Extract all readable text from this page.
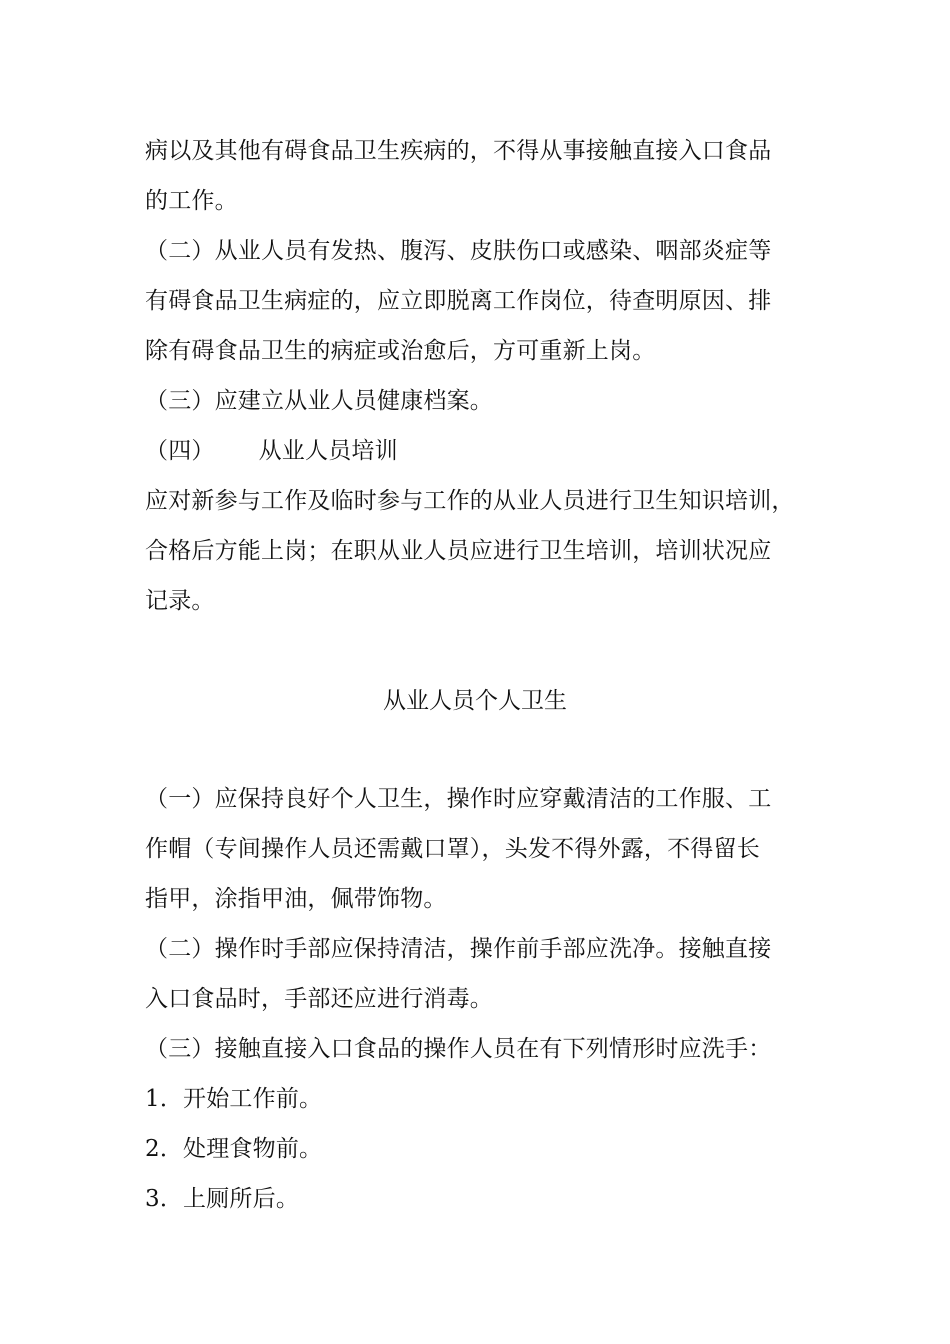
病以及其他有碍食品卫生疾病的，不得从事接触直接入口食品
的工作。
（二）从业人员有发热、腹泻、皮肤伤口或感染、咽部炎症等
有碍食品卫生病症的，应立即脱离工作岗位，待查明原因、排
除有碍食品卫生的病症或治愈后，方可重新上岗。
（三）应建立从业人员健康档案。
（四） 从业人员培训
应对新参与工作及临时参与工作的从业人员进行卫生知识培训，
合格后方能上岗；在职从业人员应进行卫生培训，培训状况应
记录。
从业人员个人卫生
（一）应保持良好个人卫生，操作时应穿戴清洁的工作服、工
作帽（专间操作人员还需戴口罩），头发不得外露，不得留长
指甲，涂指甲油，佩带饰物。
（二）操作时手部应保持清洁，操作前手部应洗净。接触直接
入口食品时，手部还应进行消毒。
（三）接触直接入口食品的操作人员在有下列情形时应洗手：
1．开始工作前。
2．处理食物前。
3．上厕所后。
